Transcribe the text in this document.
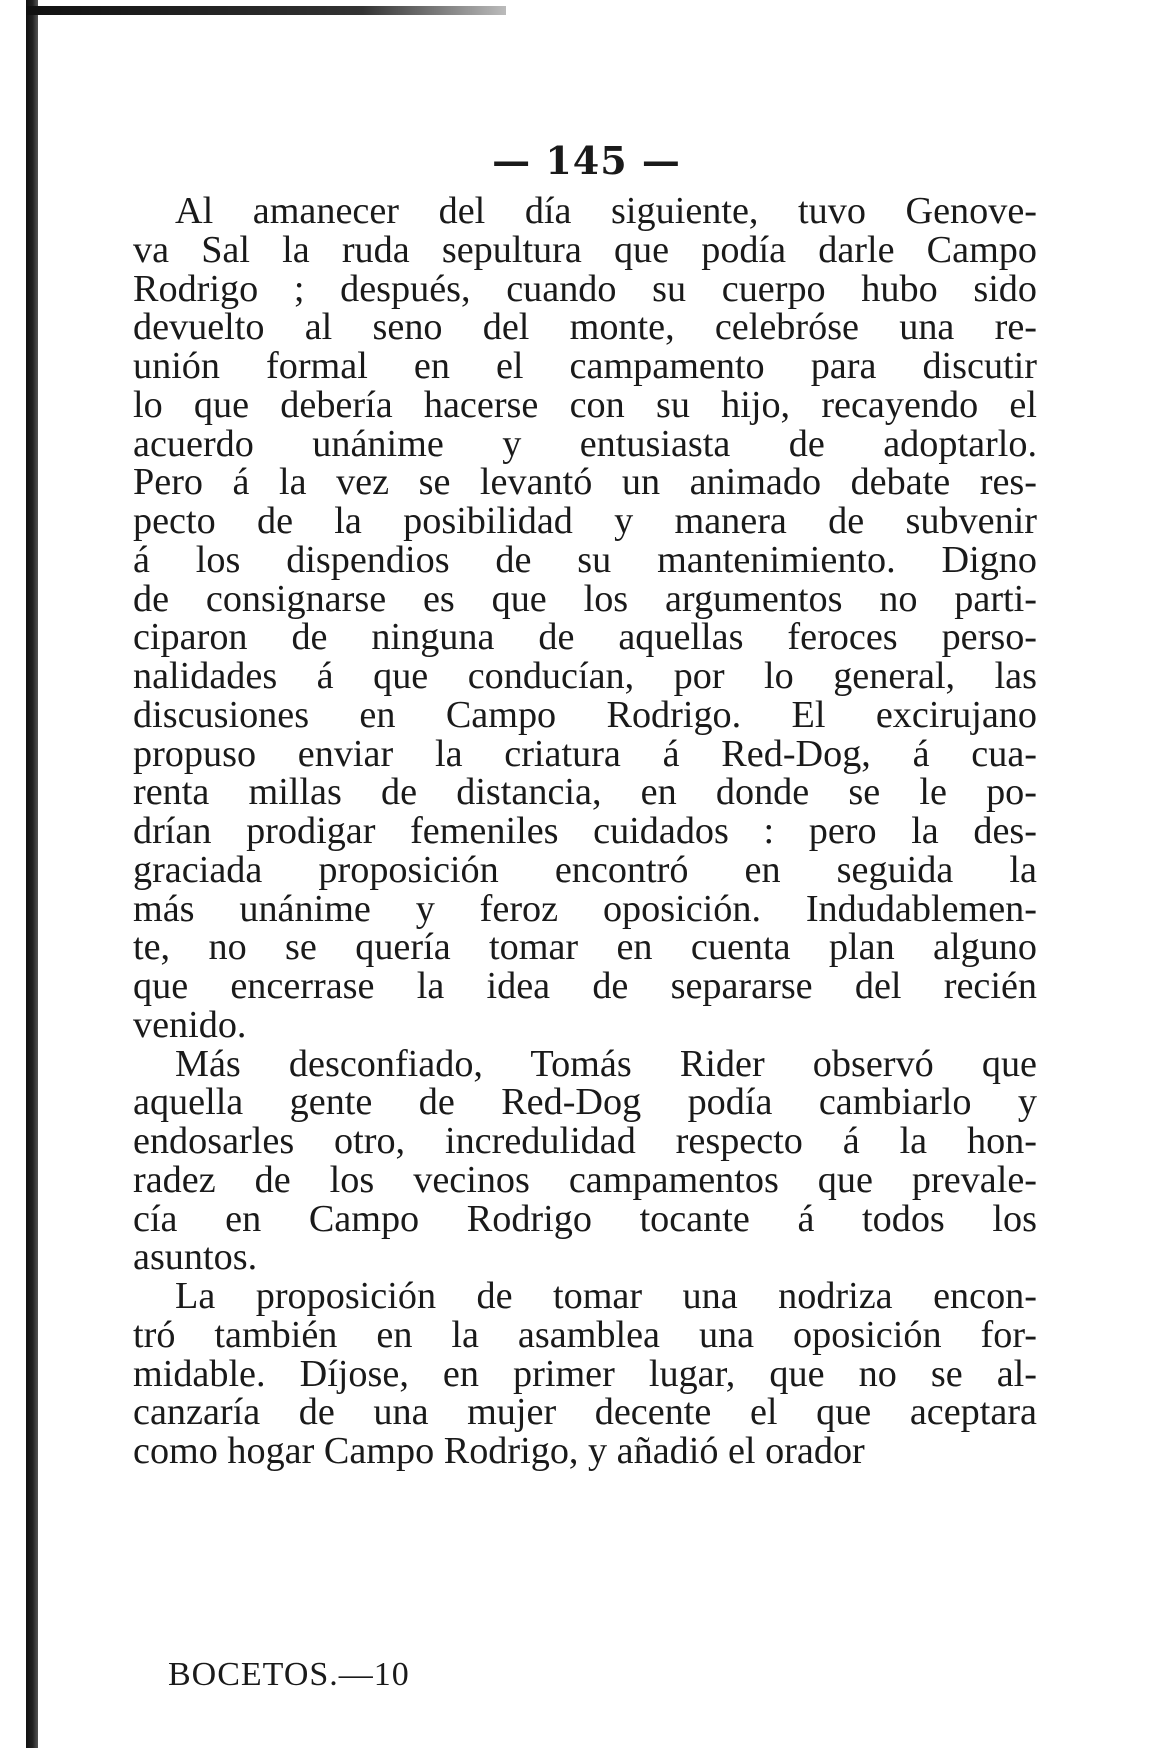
— 145 —
Al amanecer del día siguiente, tuvo Genove-
va Sal la ruda sepultura que podía darle Campo
Rodrigo ; después, cuando su cuerpo hubo sido
devuelto al seno del monte, celebróse una re-
unión formal en el campamento para discutir
lo que debería hacerse con su hijo, recayendo el
acuerdo unánime y entusiasta de adoptarlo.
Pero á la vez se levantó un animado debate res-
pecto de la posibilidad y manera de subvenir
á los dispendios de su mantenimiento. Digno
de consignarse es que los argumentos no parti-
ciparon de ninguna de aquellas feroces perso-
nalidades á que conducían, por lo general, las
discusiones en Campo Rodrigo. El excirujano
propuso enviar la criatura á Red-Dog, á cua-
renta millas de distancia, en donde se le po-
drían prodigar femeniles cuidados : pero la des-
graciada proposición encontró en seguida la
más unánime y feroz oposición. Indudablemen-
te, no se quería tomar en cuenta plan alguno
que encerrase la idea de separarse del recién
venido.
Más desconfiado, Tomás Rider observó que
aquella gente de Red-Dog podía cambiarlo y
endosarles otro, incredulidad respecto á la hon-
radez de los vecinos campamentos que prevale-
cía en Campo Rodrigo tocante á todos los
asuntos.
La proposición de tomar una nodriza encon-
tró también en la asamblea una oposición for-
midable. Díjose, en primer lugar, que no se al-
canzaría de una mujer decente el que aceptara
como hogar Campo Rodrigo, y añadió el orador
BOCETOS.—10
